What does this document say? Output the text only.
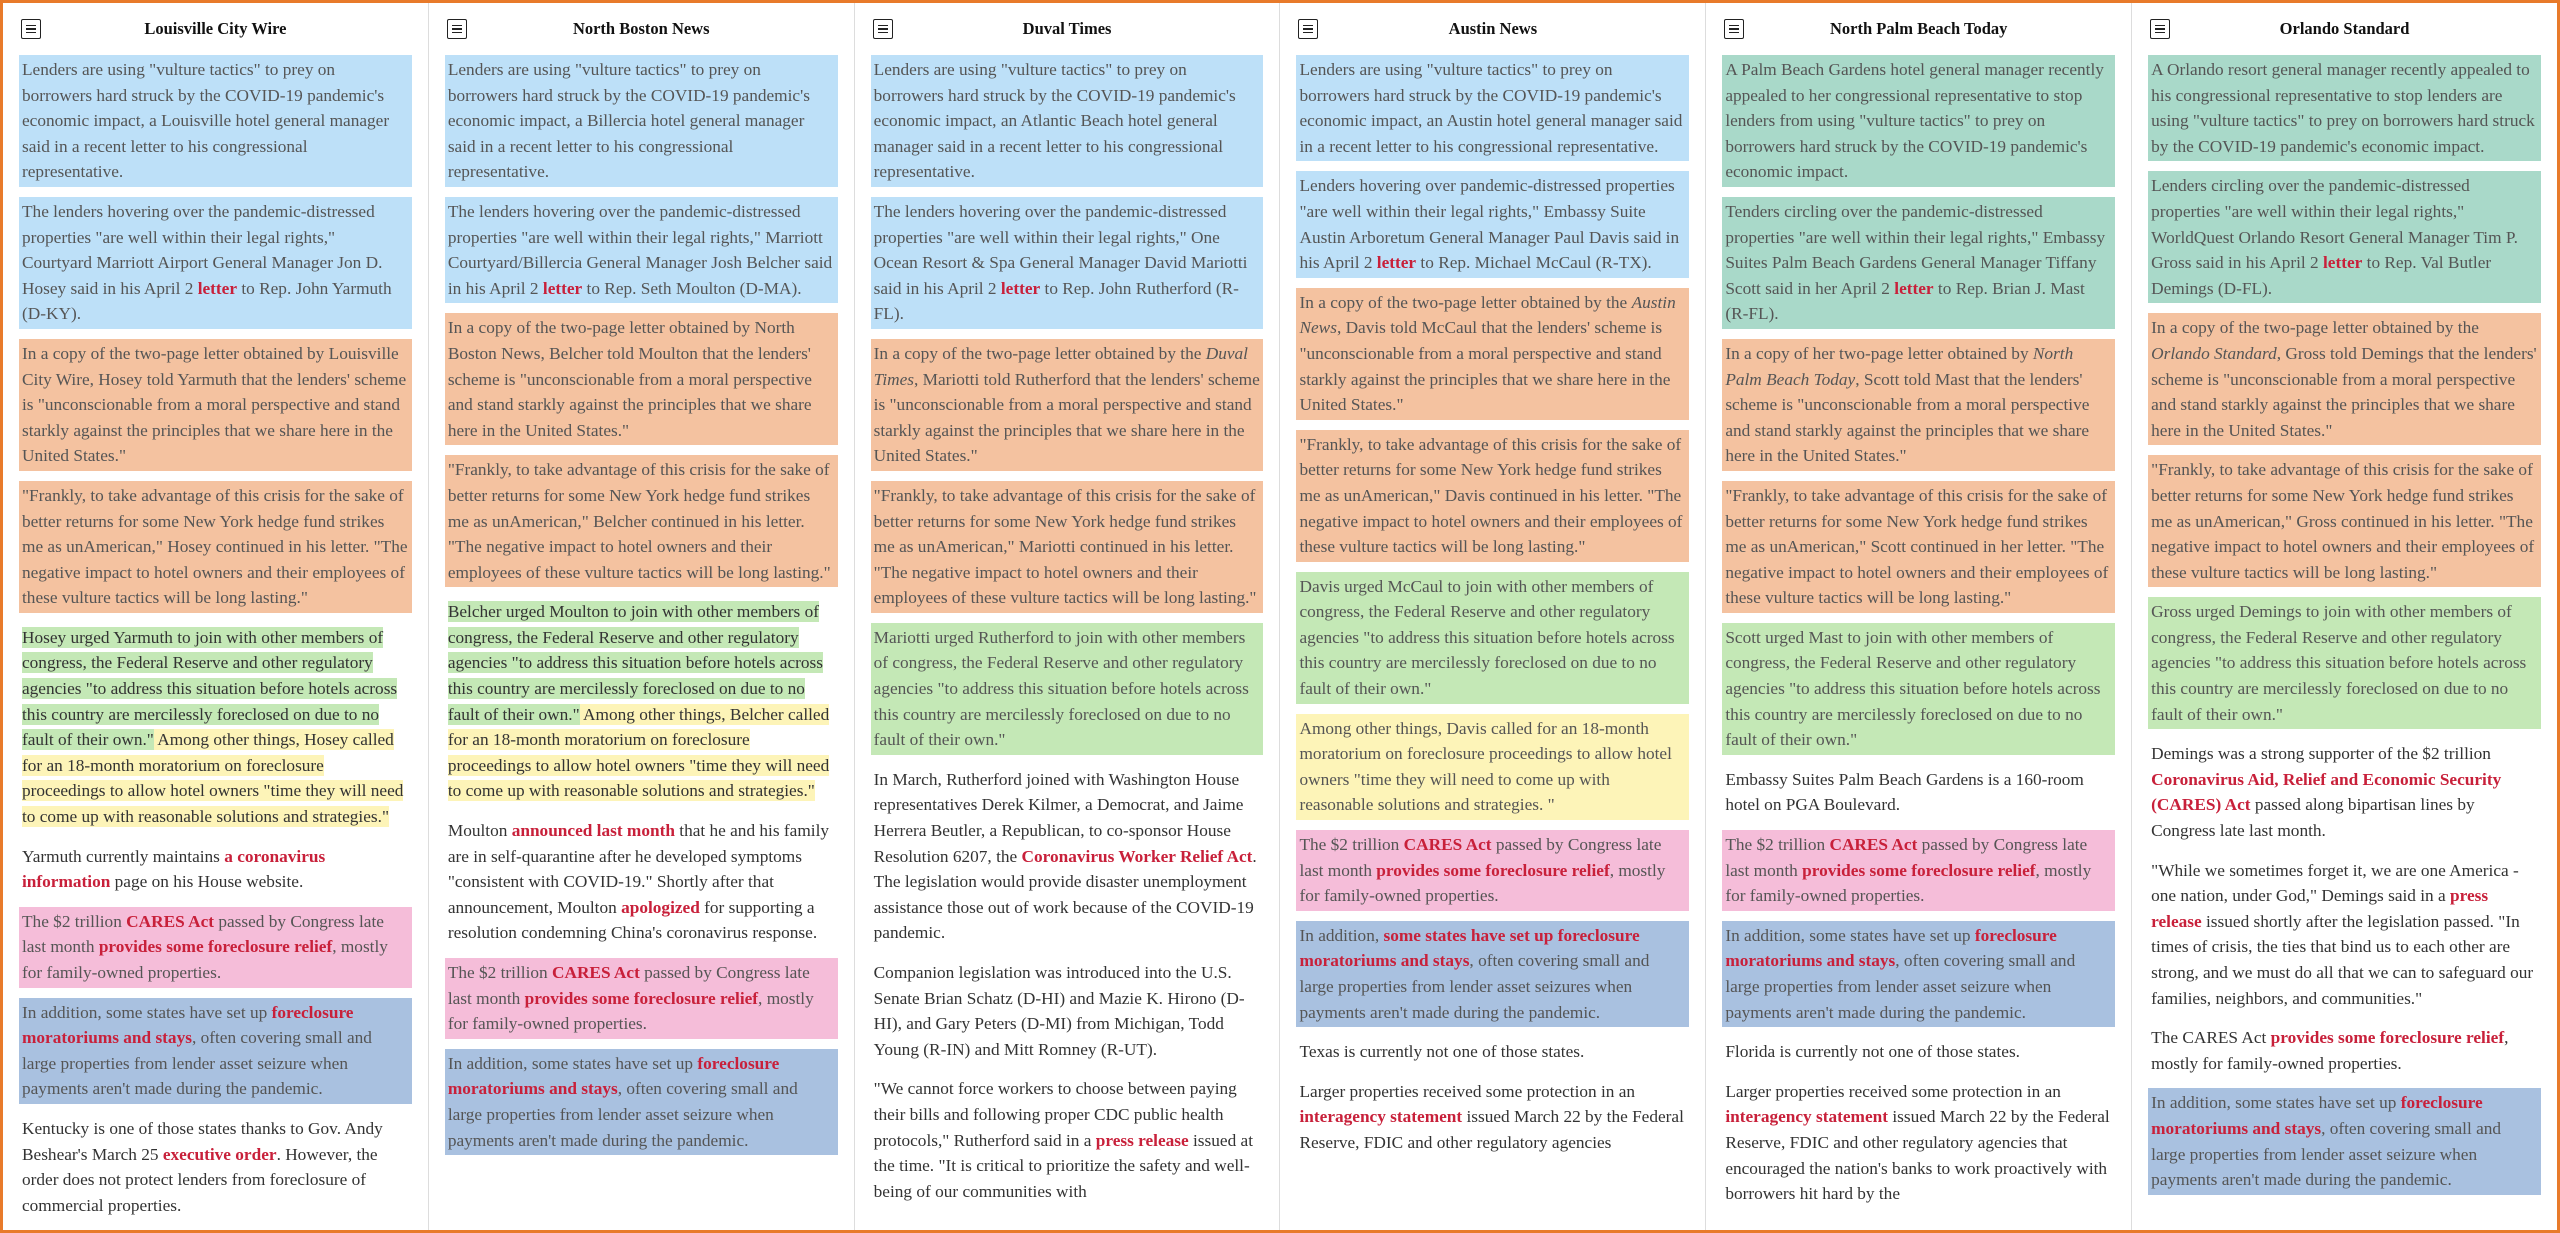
Louisville City Wire
Lenders are using "vulture tactics" to prey on borrowers hard struck by the COVID-19 pandemic's economic impact, a Louisville hotel general manager said in a recent letter to his congressional representative.
The lenders hovering over the pandemic-distressed properties "are well within their legal rights," Courtyard Marriott Airport General Manager Jon D. Hosey said in his April 2 letter to Rep. John Yarmuth (D-KY).
In a copy of the two-page letter obtained by Louisville City Wire, Hosey told Yarmuth that the lenders' scheme is "unconscionable from a moral perspective and stand starkly against the principles that we share here in the United States."
"Frankly, to take advantage of this crisis for the sake of better returns for some New York hedge fund strikes me as unAmerican," Hosey continued in his letter. "The negative impact to hotel owners and their employees of these vulture tactics will be long lasting."
Hosey urged Yarmuth to join with other members of congress, the Federal Reserve and other regulatory agencies "to address this situation before hotels across this country are mercilessly foreclosed on due to no fault of their own." Among other things, Hosey called for an 18-month moratorium on foreclosure proceedings to allow hotel owners "time they will need to come up with reasonable solutions and strategies."
Yarmuth currently maintains a coronavirus information page on his House website.
The $2 trillion CARES Act passed by Congress late last month provides some foreclosure relief, mostly for family-owned properties.
In addition, some states have set up foreclosure moratoriums and stays, often covering small and large properties from lender asset seizure when payments aren't made during the pandemic.
Kentucky is one of those states thanks to Gov. Andy Beshear's March 25 executive order. However, the order does not protect lenders from foreclosure of commercial properties.
North Boston News
Lenders are using "vulture tactics" to prey on borrowers hard struck by the COVID-19 pandemic's economic impact, a Billercia hotel general manager said in a recent letter to his congressional representative.
The lenders hovering over the pandemic-distressed properties "are well within their legal rights," Marriott Courtyard/Billercia General Manager Josh Belcher said in his April 2 letter to Rep. Seth Moulton (D-MA).
In a copy of the two-page letter obtained by North Boston News, Belcher told Moulton that the lenders' scheme is "unconscionable from a moral perspective and stand starkly against the principles that we share here in the United States."
"Frankly, to take advantage of this crisis for the sake of better returns for some New York hedge fund strikes me as unAmerican," Belcher continued in his letter. "The negative impact to hotel owners and their employees of these vulture tactics will be long lasting."
Belcher urged Moulton to join with other members of congress, the Federal Reserve and other regulatory agencies "to address this situation before hotels across this country are mercilessly foreclosed on due to no fault of their own." Among other things, Belcher called for an 18-month moratorium on foreclosure proceedings to allow hotel owners "time they will need to come up with reasonable solutions and strategies."
Moulton announced last month that he and his family are in self-quarantine after he developed symptoms "consistent with COVID-19." Shortly after that announcement, Moulton apologized for supporting a resolution condemning China's coronavirus response.
The $2 trillion CARES Act passed by Congress late last month provides some foreclosure relief, mostly for family-owned properties.
In addition, some states have set up foreclosure moratoriums and stays, often covering small and large properties from lender asset seizure when payments aren't made during the pandemic.
Duval Times
Lenders are using "vulture tactics" to prey on borrowers hard struck by the COVID-19 pandemic's economic impact, an Atlantic Beach hotel general manager said in a recent letter to his congressional representative.
The lenders hovering over the pandemic-distressed properties "are well within their legal rights," One Ocean Resort & Spa General Manager David Mariotti said in his April 2 letter to Rep. John Rutherford (R-FL).
In a copy of the two-page letter obtained by the Duval Times, Mariotti told Rutherford that the lenders' scheme is "unconscionable from a moral perspective and stand starkly against the principles that we share here in the United States."
"Frankly, to take advantage of this crisis for the sake of better returns for some New York hedge fund strikes me as unAmerican," Mariotti continued in his letter. "The negative impact to hotel owners and their employees of these vulture tactics will be long lasting."
Mariotti urged Rutherford to join with other members of congress, the Federal Reserve and other regulatory agencies "to address this situation before hotels across this country are mercilessly foreclosed on due to no fault of their own."
In March, Rutherford joined with Washington House representatives Derek Kilmer, a Democrat, and Jaime Herrera Beutler, a Republican, to co-sponsor House Resolution 6207, the Coronavirus Worker Relief Act. The legislation would provide disaster unemployment assistance those out of work because of the COVID-19 pandemic.
Companion legislation was introduced into the U.S. Senate Brian Schatz (D-HI) and Mazie K. Hirono (D-HI), and Gary Peters (D-MI) from Michigan, Todd Young (R-IN) and Mitt Romney (R-UT).
"We cannot force workers to choose between paying their bills and following proper CDC public health protocols," Rutherford said in a press release issued at the time. "It is critical to prioritize the safety and well-being of our communities with
Austin News
Lenders are using "vulture tactics" to prey on borrowers hard struck by the COVID-19 pandemic's economic impact, an Austin hotel general manager said in a recent letter to his congressional representative.
Lenders hovering over pandemic-distressed properties "are well within their legal rights," Embassy Suite Austin Arboretum General Manager Paul Davis said in his April 2 letter to Rep. Michael McCaul (R-TX).
In a copy of the two-page letter obtained by the Austin News, Davis told McCaul that the lenders' scheme is "unconscionable from a moral perspective and stand starkly against the principles that we share here in the United States."
"Frankly, to take advantage of this crisis for the sake of better returns for some New York hedge fund strikes me as unAmerican," Davis continued in his letter. "The negative impact to hotel owners and their employees of these vulture tactics will be long lasting."
Davis urged McCaul to join with other members of congress, the Federal Reserve and other regulatory agencies "to address this situation before hotels across this country are mercilessly foreclosed on due to no fault of their own."
Among other things, Davis called for an 18-month moratorium on foreclosure proceedings to allow hotel owners "time they will need to come up with reasonable solutions and strategies. "
The $2 trillion CARES Act passed by Congress late last month provides some foreclosure relief, mostly for family-owned properties.
In addition, some states have set up foreclosure moratoriums and stays, often covering small and large properties from lender asset seizures when payments aren't made during the pandemic.
Texas is currently not one of those states.
Larger properties received some protection in an interagency statement issued March 22 by the Federal Reserve, FDIC and other regulatory agencies
North Palm Beach Today
A Palm Beach Gardens hotel general manager recently appealed to her congressional representative to stop lenders from using "vulture tactics" to prey on borrowers hard struck by the COVID-19 pandemic's economic impact.
Tenders circling over the pandemic-distressed properties "are well within their legal rights," Embassy Suites Palm Beach Gardens General Manager Tiffany Scott said in her April 2 letter to Rep. Brian J. Mast (R-FL).
In a copy of her two-page letter obtained by North Palm Beach Today, Scott told Mast that the lenders' scheme is "unconscionable from a moral perspective and stand starkly against the principles that we share here in the United States."
"Frankly, to take advantage of this crisis for the sake of better returns for some New York hedge fund strikes me as unAmerican," Scott continued in her letter. "The negative impact to hotel owners and their employees of these vulture tactics will be long lasting."
Scott urged Mast to join with other members of congress, the Federal Reserve and other regulatory agencies "to address this situation before hotels across this country are mercilessly foreclosed on due to no fault of their own."
Embassy Suites Palm Beach Gardens is a 160-room hotel on PGA Boulevard.
The $2 trillion CARES Act passed by Congress late last month provides some foreclosure relief, mostly for family-owned properties.
In addition, some states have set up foreclosure moratoriums and stays, often covering small and large properties from lender asset seizure when payments aren't made during the pandemic.
Florida is currently not one of those states.
Larger properties received some protection in an interagency statement issued March 22 by the Federal Reserve, FDIC and other regulatory agencies that encouraged the nation's banks to work proactively with borrowers hit hard by the
Orlando Standard
A Orlando resort general manager recently appealed to his congressional representative to stop lenders are using "vulture tactics" to prey on borrowers hard struck by the COVID-19 pandemic's economic impact.
Lenders circling over the pandemic-distressed properties "are well within their legal rights," WorldQuest Orlando Resort General Manager Tim P. Gross said in his April 2 letter to Rep. Val Butler Demings (D-FL).
In a copy of the two-page letter obtained by the Orlando Standard, Gross told Demings that the lenders' scheme is "unconscionable from a moral perspective and stand starkly against the principles that we share here in the United States."
"Frankly, to take advantage of this crisis for the sake of better returns for some New York hedge fund strikes me as unAmerican," Gross continued in his letter. "The negative impact to hotel owners and their employees of these vulture tactics will be long lasting."
Gross urged Demings to join with other members of congress, the Federal Reserve and other regulatory agencies "to address this situation before hotels across this country are mercilessly foreclosed on due to no fault of their own."
Demings was a strong supporter of the $2 trillion Coronavirus Aid, Relief and Economic Security (CARES) Act passed along bipartisan lines by Congress late last month.
"While we sometimes forget it, we are one America - one nation, under God," Demings said in a press release issued shortly after the legislation passed. "In times of crisis, the ties that bind us to each other are strong, and we must do all that we can to safeguard our families, neighbors, and communities."
The CARES Act provides some foreclosure relief, mostly for family-owned properties.
In addition, some states have set up foreclosure moratoriums and stays, often covering small and large properties from lender asset seizure when payments aren't made during the pandemic.
